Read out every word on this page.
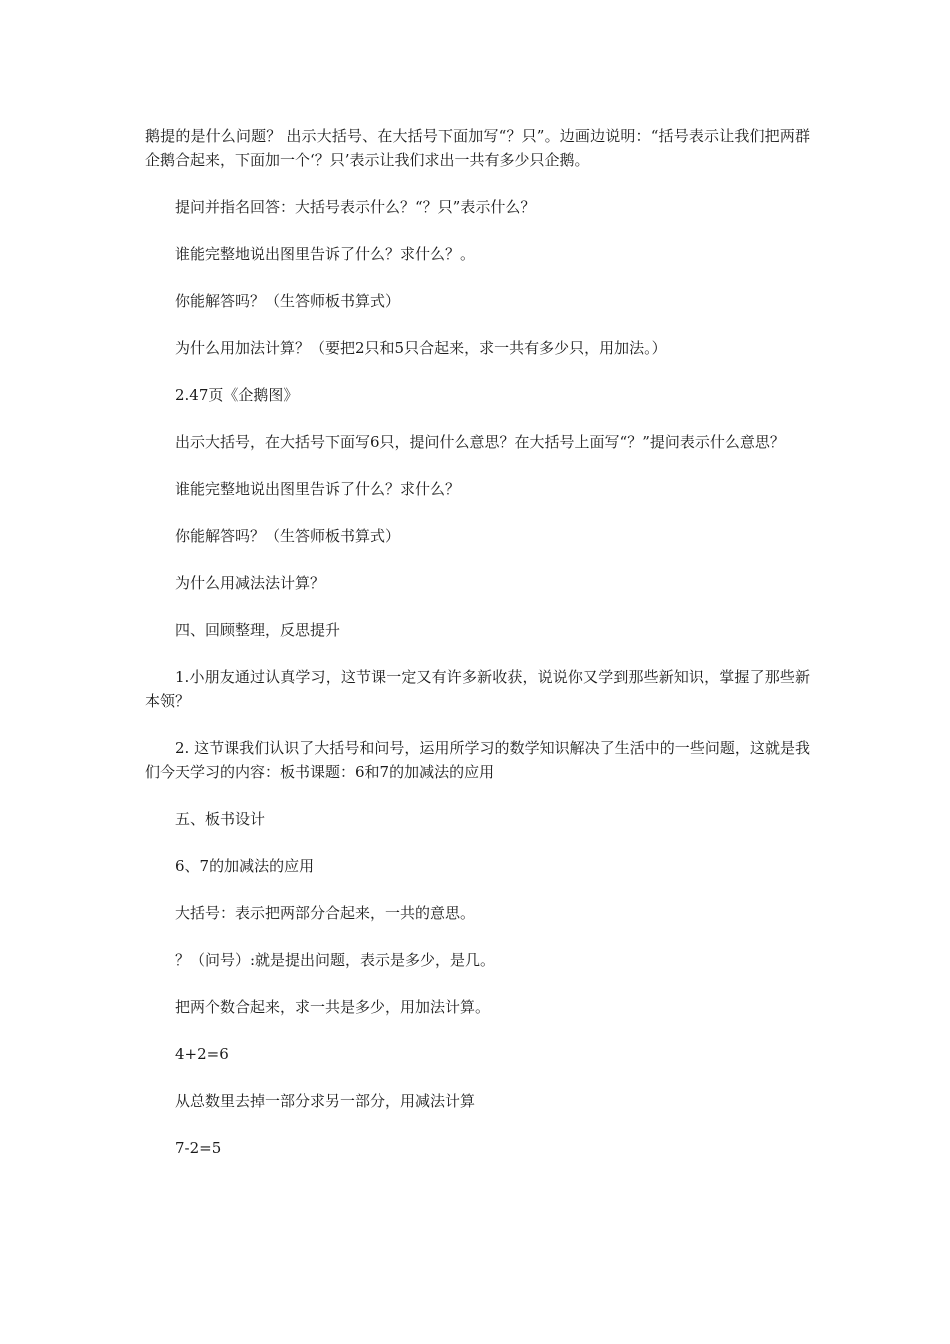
鹅提的是什么问题？ 出示大括号、在大括号下面加写“？只”。边画边说明：“括号表示让我们把两群企鹅合起来，下面加一个‘？只’表示让我们求出一共有多少只企鹅。

提问并指名回答：大括号表示什么？“？只”表示什么？

谁能完整地说出图里告诉了什么？求什么？。

你能解答吗？（生答师板书算式）

为什么用加法计算？（要把2只和5只合起来，求一共有多少只，用加法。）

2.47页《企鹅图》

出示大括号，在大括号下面写6只，提问什么意思？在大括号上面写“？”提问表示什么意思？

谁能完整地说出图里告诉了什么？求什么？

你能解答吗？（生答师板书算式）

为什么用减法法计算？

四、回顾整理，反思提升

1.小朋友通过认真学习，这节课一定又有许多新收获，说说你又学到那些新知识，掌握了那些新本领？

2. 这节课我们认识了大括号和问号，运用所学习的数学知识解决了生活中的一些问题，这就是我们今天学习的内容：板书课题：6和7的加减法的应用

五、板书设计

6、7的加减法的应用

大括号：表示把两部分合起来，一共的意思。

？（问号）:就是提出问题，表示是多少，是几。

把两个数合起来，求一共是多少，用加法计算。

4+2=6

从总数里去掉一部分求另一部分，用减法计算

7-2=5
